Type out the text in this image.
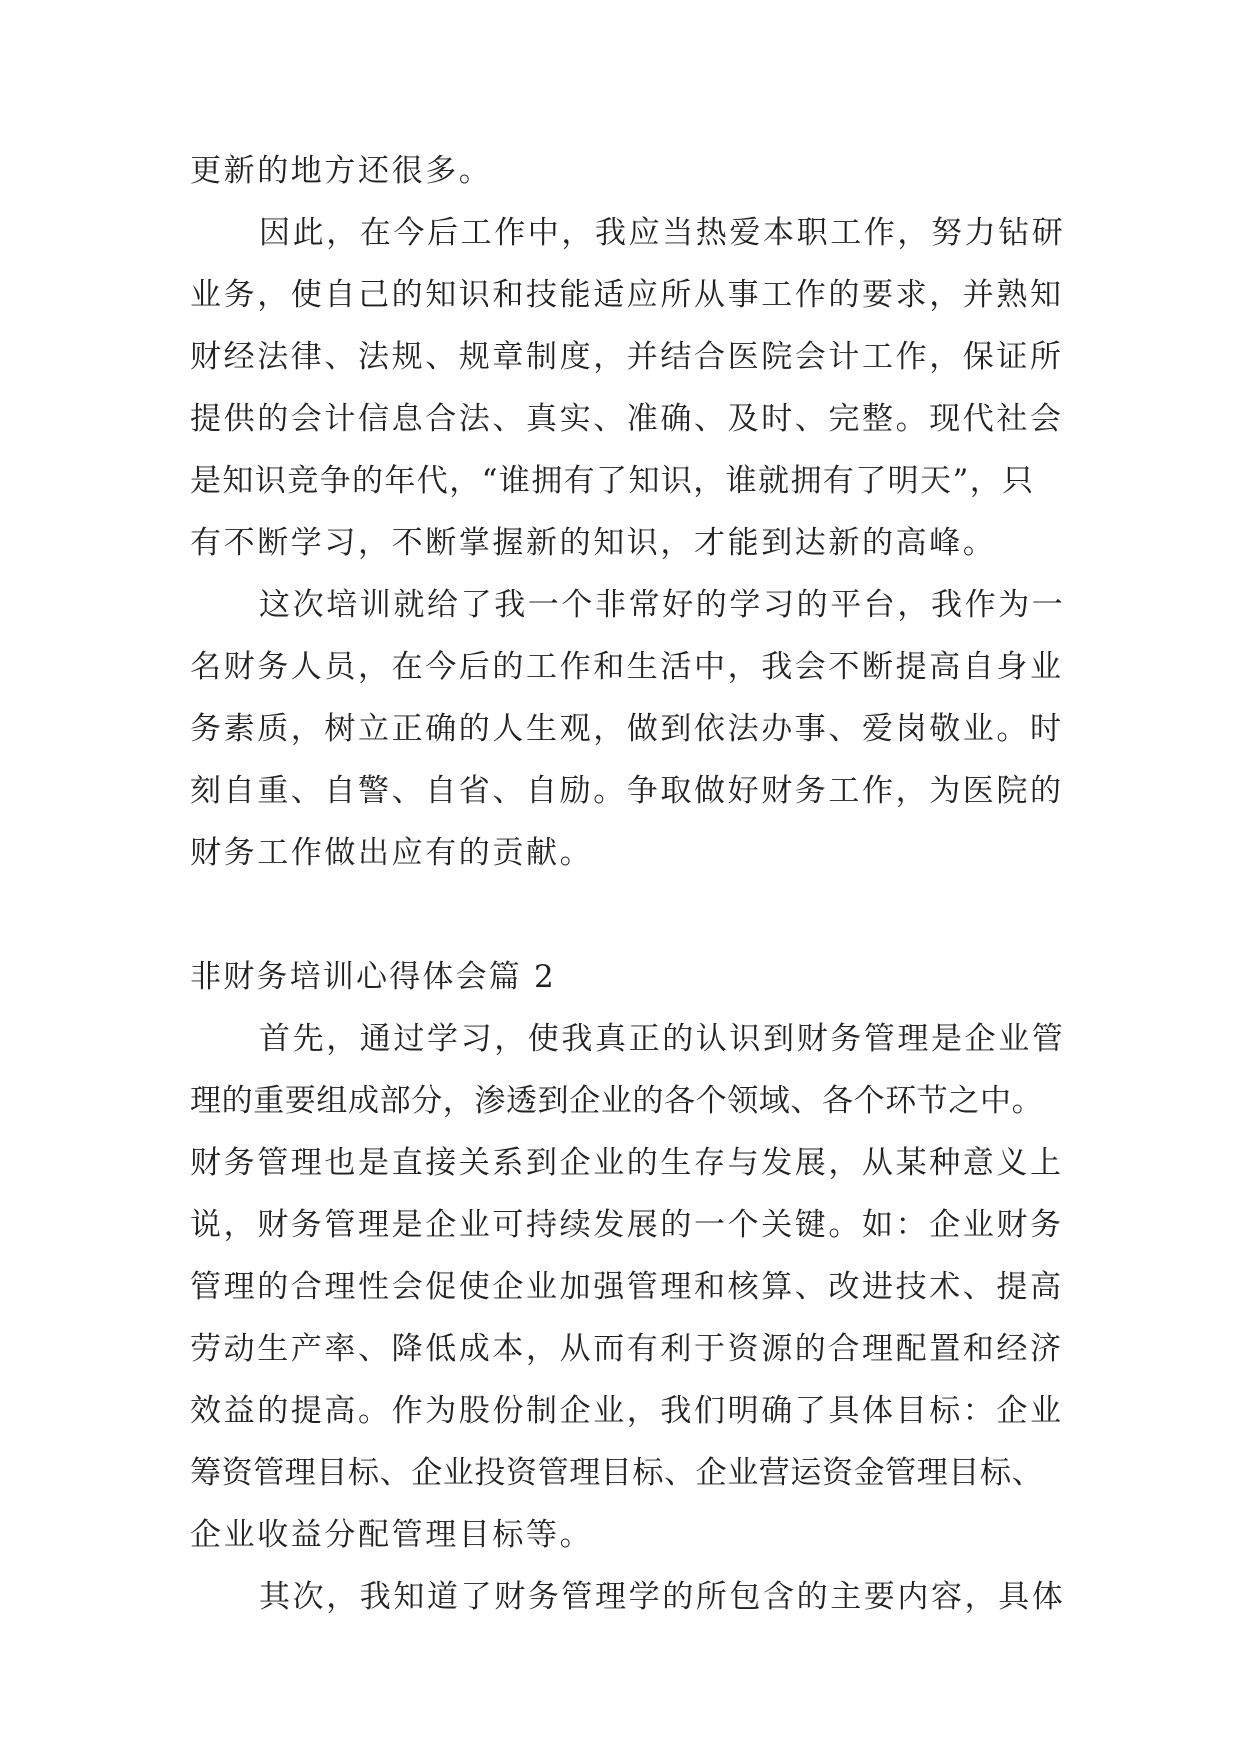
更新的地方还很多。
因此，在今后工作中，我应当热爱本职工作，努力钻研
业务，使自己的知识和技能适应所从事工作的要求，并熟知
财经法律、法规、规章制度，并结合医院会计工作，保证所
提供的会计信息合法、真实、准确、及时、完整。现代社会
是知识竞争的年代，“谁拥有了知识，谁就拥有了明天”，只
有不断学习，不断掌握新的知识，才能到达新的高峰。
这次培训就给了我一个非常好的学习的平台，我作为一
名财务人员，在今后的工作和生活中，我会不断提高自身业
务素质，树立正确的人生观，做到依法办事、爱岗敬业。时
刻自重、自警、自省、自励。争取做好财务工作，为医院的
财务工作做出应有的贡献。
非财务培训心得体会篇 2
首先，通过学习，使我真正的认识到财务管理是企业管
理的重要组成部分，渗透到企业的各个领域、各个环节之中。
财务管理也是直接关系到企业的生存与发展，从某种意义上
说，财务管理是企业可持续发展的一个关键。如：企业财务
管理的合理性会促使企业加强管理和核算、改进技术、提高
劳动生产率、降低成本，从而有利于资源的合理配置和经济
效益的提高。作为股份制企业，我们明确了具体目标：企业
筹资管理目标、企业投资管理目标、企业营运资金管理目标、
企业收益分配管理目标等。
其次，我知道了财务管理学的所包含的主要内容，具体
